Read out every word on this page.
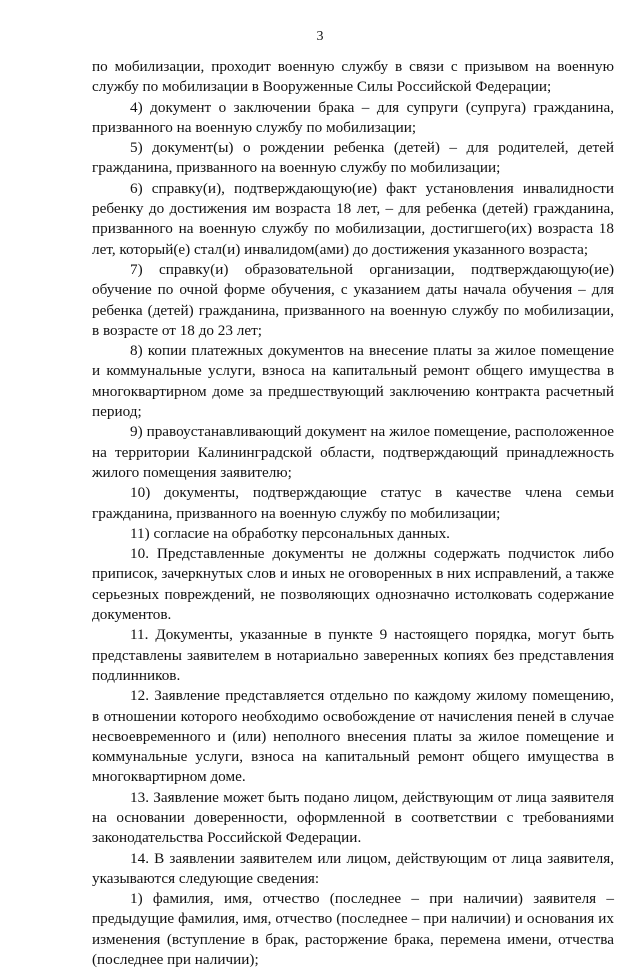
3

по мобилизации, проходит военную службу в связи с призывом на военную службу по мобилизации в Вооруженные Силы Российской Федерации;

4) документ о заключении брака – для супруги (супруга) гражданина, призванного на военную службу по мобилизации;

5) документ(ы) о рождении ребенка (детей) – для родителей, детей гражданина, призванного на военную службу по мобилизации;

6) справку(и), подтверждающую(ие) факт установления инвалидности ребенку до достижения им возраста 18 лет, – для ребенка (детей) гражданина, призванного на военную службу по мобилизации, достигшего(их) возраста 18 лет, который(е) стал(и) инвалидом(ами) до достижения указанного возраста;

7) справку(и) образовательной организации, подтверждающую(ие) обучение по очной форме обучения, с указанием даты начала обучения – для ребенка (детей) гражданина, призванного на военную службу по мобилизации, в возрасте от 18 до 23 лет;

8) копии платежных документов на внесение платы за жилое помещение и коммунальные услуги, взноса на капитальный ремонт общего имущества в многоквартирном доме за предшествующий заключению контракта расчетный период;

9) правоустанавливающий документ на жилое помещение, расположенное на территории Калининградской области, подтверждающий принадлежность жилого помещения заявителю;

10) документы, подтверждающие статус в качестве члена семьи гражданина, призванного на военную службу по мобилизации;

11) согласие на обработку персональных данных.

10. Представленные документы не должны содержать подчисток либо приписок, зачеркнутых слов и иных не оговоренных в них исправлений, а также серьезных повреждений, не позволяющих однозначно истолковать содержание документов.

11. Документы, указанные в пункте 9 настоящего порядка, могут быть представлены заявителем в нотариально заверенных копиях без представления подлинников.

12. Заявление представляется отдельно по каждому жилому помещению, в отношении которого необходимо освобождение от начисления пеней в случае несвоевременного и (или) неполного внесения платы за жилое помещение и коммунальные услуги, взноса на капитальный ремонт общего имущества в многоквартирном доме.

13. Заявление может быть подано лицом, действующим от лица заявителя на основании доверенности, оформленной в соответствии с требованиями законодательства Российской Федерации.

14. В заявлении заявителем или лицом, действующим от лица заявителя, указываются следующие сведения:

1) фамилия, имя, отчество (последнее – при наличии) заявителя – предыдущие фамилия, имя, отчество (последнее – при наличии) и основания их изменения (вступление в брак, расторжение брака, перемена имени, отчества (последнее при наличии);
